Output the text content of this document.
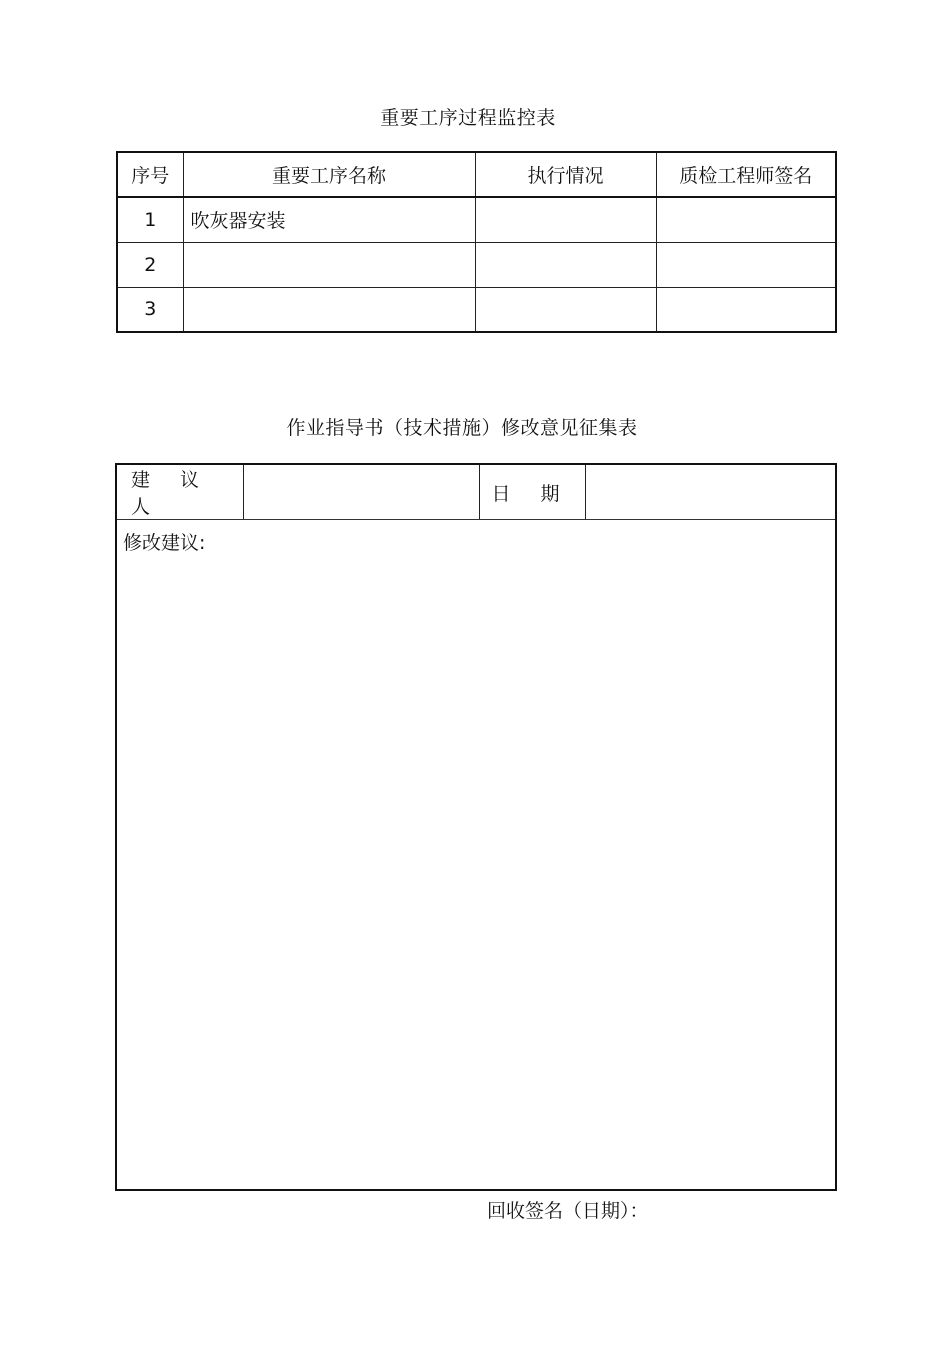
重要工序过程监控表
序号	重要工序名称	执行情况	质检工程师签名
1	吹灰器安装		
2			
3			
作业指导书（技术措施）修改意见征集表
建 议 人		日 期	

修改建议:
回收签名（日期）：
